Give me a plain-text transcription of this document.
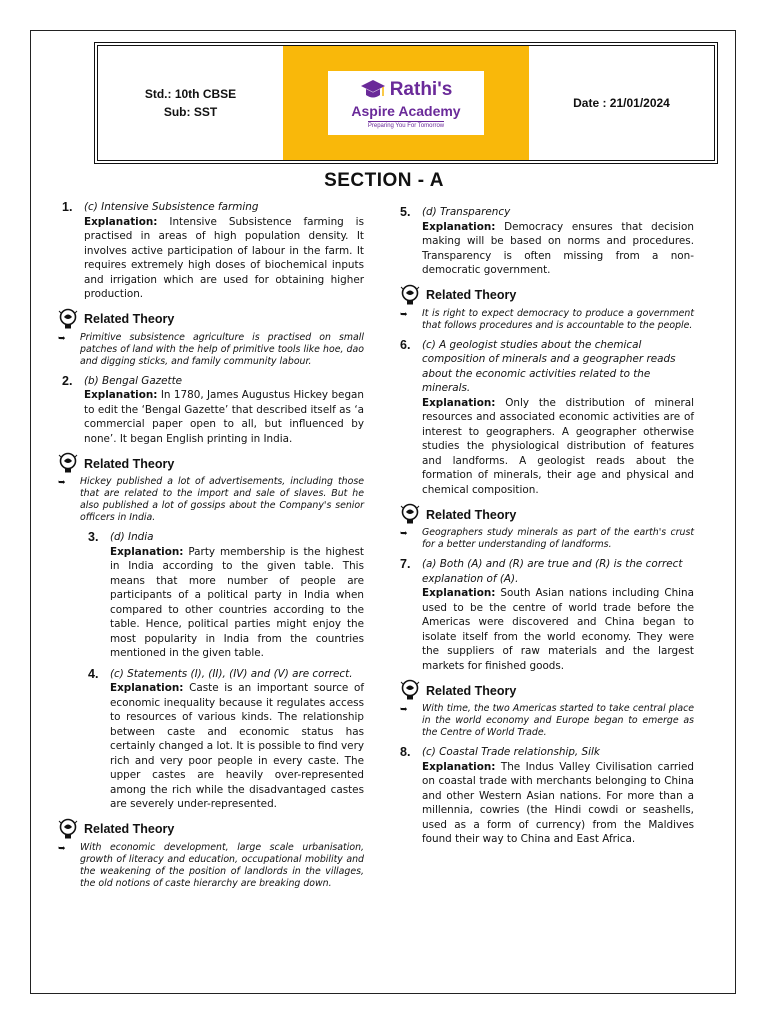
Std.: 10th CBSE
Sub: SST
Rathi's
Aspire Academy
Preparing You For Tomorrow
Date : 21/01/2024
SECTION - A
1.	(c) Intensive Subsistence farming
Explanation: Intensive Subsistence farming is practised in areas of high population density. It involves active participation of labour in the farm. It requires extremely high doses of biochemical inputs and irrigation which are used for obtaining higher production.
Related Theory
➥	Primitive subsistence agriculture is practised on small patches of land with the help of primitive tools like hoe, dao and digging sticks, and family community labour.
2.	(b) Bengal Gazette
Explanation: In 1780, James Augustus Hickey began to edit the ‘Bengal Gazette’ that described itself as ‘a commercial paper open to all, but influenced by none’. It began English printing in India.
Related Theory
➥	Hickey published a lot of advertisements, including those that are related to the import and sale of slaves. But he also published a lot of gossips about the Company's senior officers in India.
3.	(d) India
Explanation: Party membership is the highest in India according to the given table. This means that more number of people are participants of a political party in India when compared to other countries according to the table. Hence, political parties might enjoy the most popularity in India from the countries mentioned in the given table.
4.	(c) Statements (I), (II), (IV) and (V) are correct.
Explanation: Caste is an important source of economic inequality because it regulates access to resources of various kinds. The relationship between caste and economic status has certainly changed a lot. It is possible to find very rich and very poor people in every caste. The upper castes are heavily over-represented among the rich while the disadvantaged castes are severely under-represented.
Related Theory
➥	With economic development, large scale urbanisation, growth of literacy and education, occupational mobility and the weakening of the position of landlords in the villages, the old notions of caste hierarchy are breaking down.
5.	(d) Transparency
Explanation: Democracy ensures that decision making will be based on norms and procedures. Transparency is often missing from a non-democratic government.
Related Theory
➥	It is right to expect democracy to produce a government that follows procedures and is accountable to the people.
6.	(c) A geologist studies about the chemical composition of minerals and a geographer reads about the economic activities related to the minerals.
Explanation: Only the distribution of mineral resources and associated economic activities are of interest to geographers. A geographer otherwise studies the physiological distribution of features and landforms. A geologist reads about the formation of minerals, their age and physical and chemical composition.
Related Theory
➥	Geographers study minerals as part of the earth's crust for a better understanding of landforms.
7.	(a) Both (A) and (R) are true and (R) is the correct explanation of (A).
Explanation: South Asian nations including China used to be the centre of world trade before the Americas were discovered and China began to isolate itself from the world economy. They were the suppliers of raw materials and the largest markets for finished goods.
Related Theory
➥	With time, the two Americas started to take central place in the world economy and Europe began to emerge as the Centre of World Trade.
8.	(c) Coastal Trade relationship, Silk
Explanation: The Indus Valley Civilisation carried on coastal trade with merchants belonging to China and other Western Asian nations. For more than a millennia, cowries (the Hindi cowdi or seashells, used as a form of currency) from the Maldives found their way to China and East Africa.
